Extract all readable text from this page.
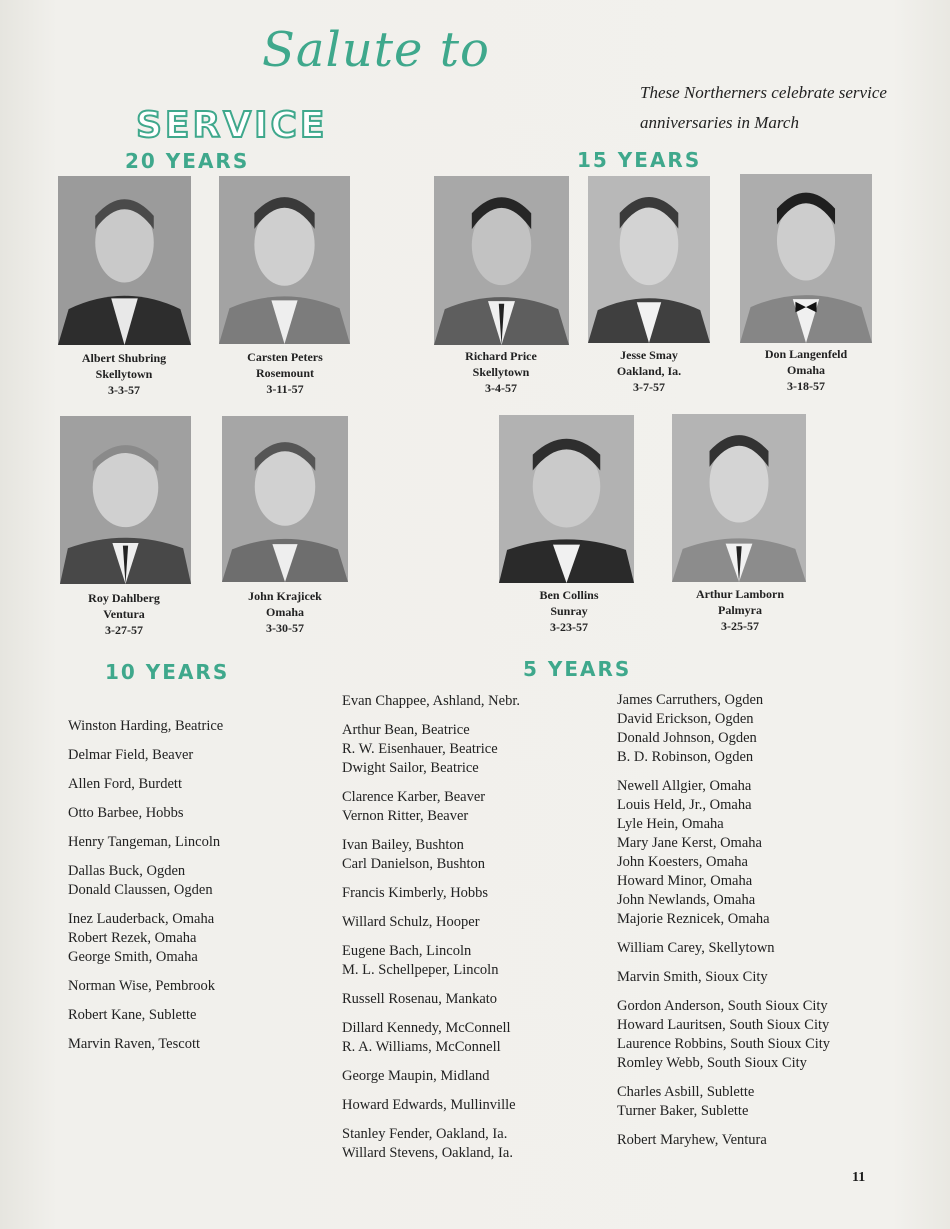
Salute to
SERVICE
These Northerners celebrate service
anniversaries in March
20 YEARS	15 YEARS
10 YEARS	5 YEARS
Albert Shubring
Skellytown
3-3-57
Carsten Peters
Rosemount
3-11-57
Richard Price
Skellytown
3-4-57
Jesse Smay
Oakland, Ia.
3-7-57
Don Langenfeld
Omaha
3-18-57
Roy Dahlberg
Ventura
3-27-57
John Krajicek
Omaha
3-30-57
Ben Collins
Sunray
3-23-57
Arthur Lamborn
Palmyra
3-25-57
Winston Harding, Beatrice
Delmar Field, Beaver
Allen Ford, Burdett
Otto Barbee, Hobbs
Henry Tangeman, Lincoln
Dallas Buck, Ogden
Donald Claussen, Ogden
Inez Lauderback, Omaha
Robert Rezek, Omaha
George Smith, Omaha
Norman Wise, Pembrook
Robert Kane, Sublette
Marvin Raven, Tescott
Evan Chappee, Ashland, Nebr.
Arthur Bean, Beatrice
R. W. Eisenhauer, Beatrice
Dwight Sailor, Beatrice
Clarence Karber, Beaver
Vernon Ritter, Beaver
Ivan Bailey, Bushton
Carl Danielson, Bushton
Francis Kimberly, Hobbs
Willard Schulz, Hooper
Eugene Bach, Lincoln
M. L. Schellpeper, Lincoln
Russell Rosenau, Mankato
Dillard Kennedy, McConnell
R. A. Williams, McConnell
George Maupin, Midland
Howard Edwards, Mullinville
Stanley Fender, Oakland, Ia.
Willard Stevens, Oakland, Ia.
James Carruthers, Ogden
David Erickson, Ogden
Donald Johnson, Ogden
B. D. Robinson, Ogden
Newell Allgier, Omaha
Louis Held, Jr., Omaha
Lyle Hein, Omaha
Mary Jane Kerst, Omaha
John Koesters, Omaha
Howard Minor, Omaha
John Newlands, Omaha
Majorie Reznicek, Omaha
William Carey, Skellytown
Marvin Smith, Sioux City
Gordon Anderson, South Sioux City
Howard Lauritsen, South Sioux City
Laurence Robbins, South Sioux City
Romley Webb, South Sioux City
Charles Asbill, Sublette
Turner Baker, Sublette
Robert Maryhew, Ventura
11
